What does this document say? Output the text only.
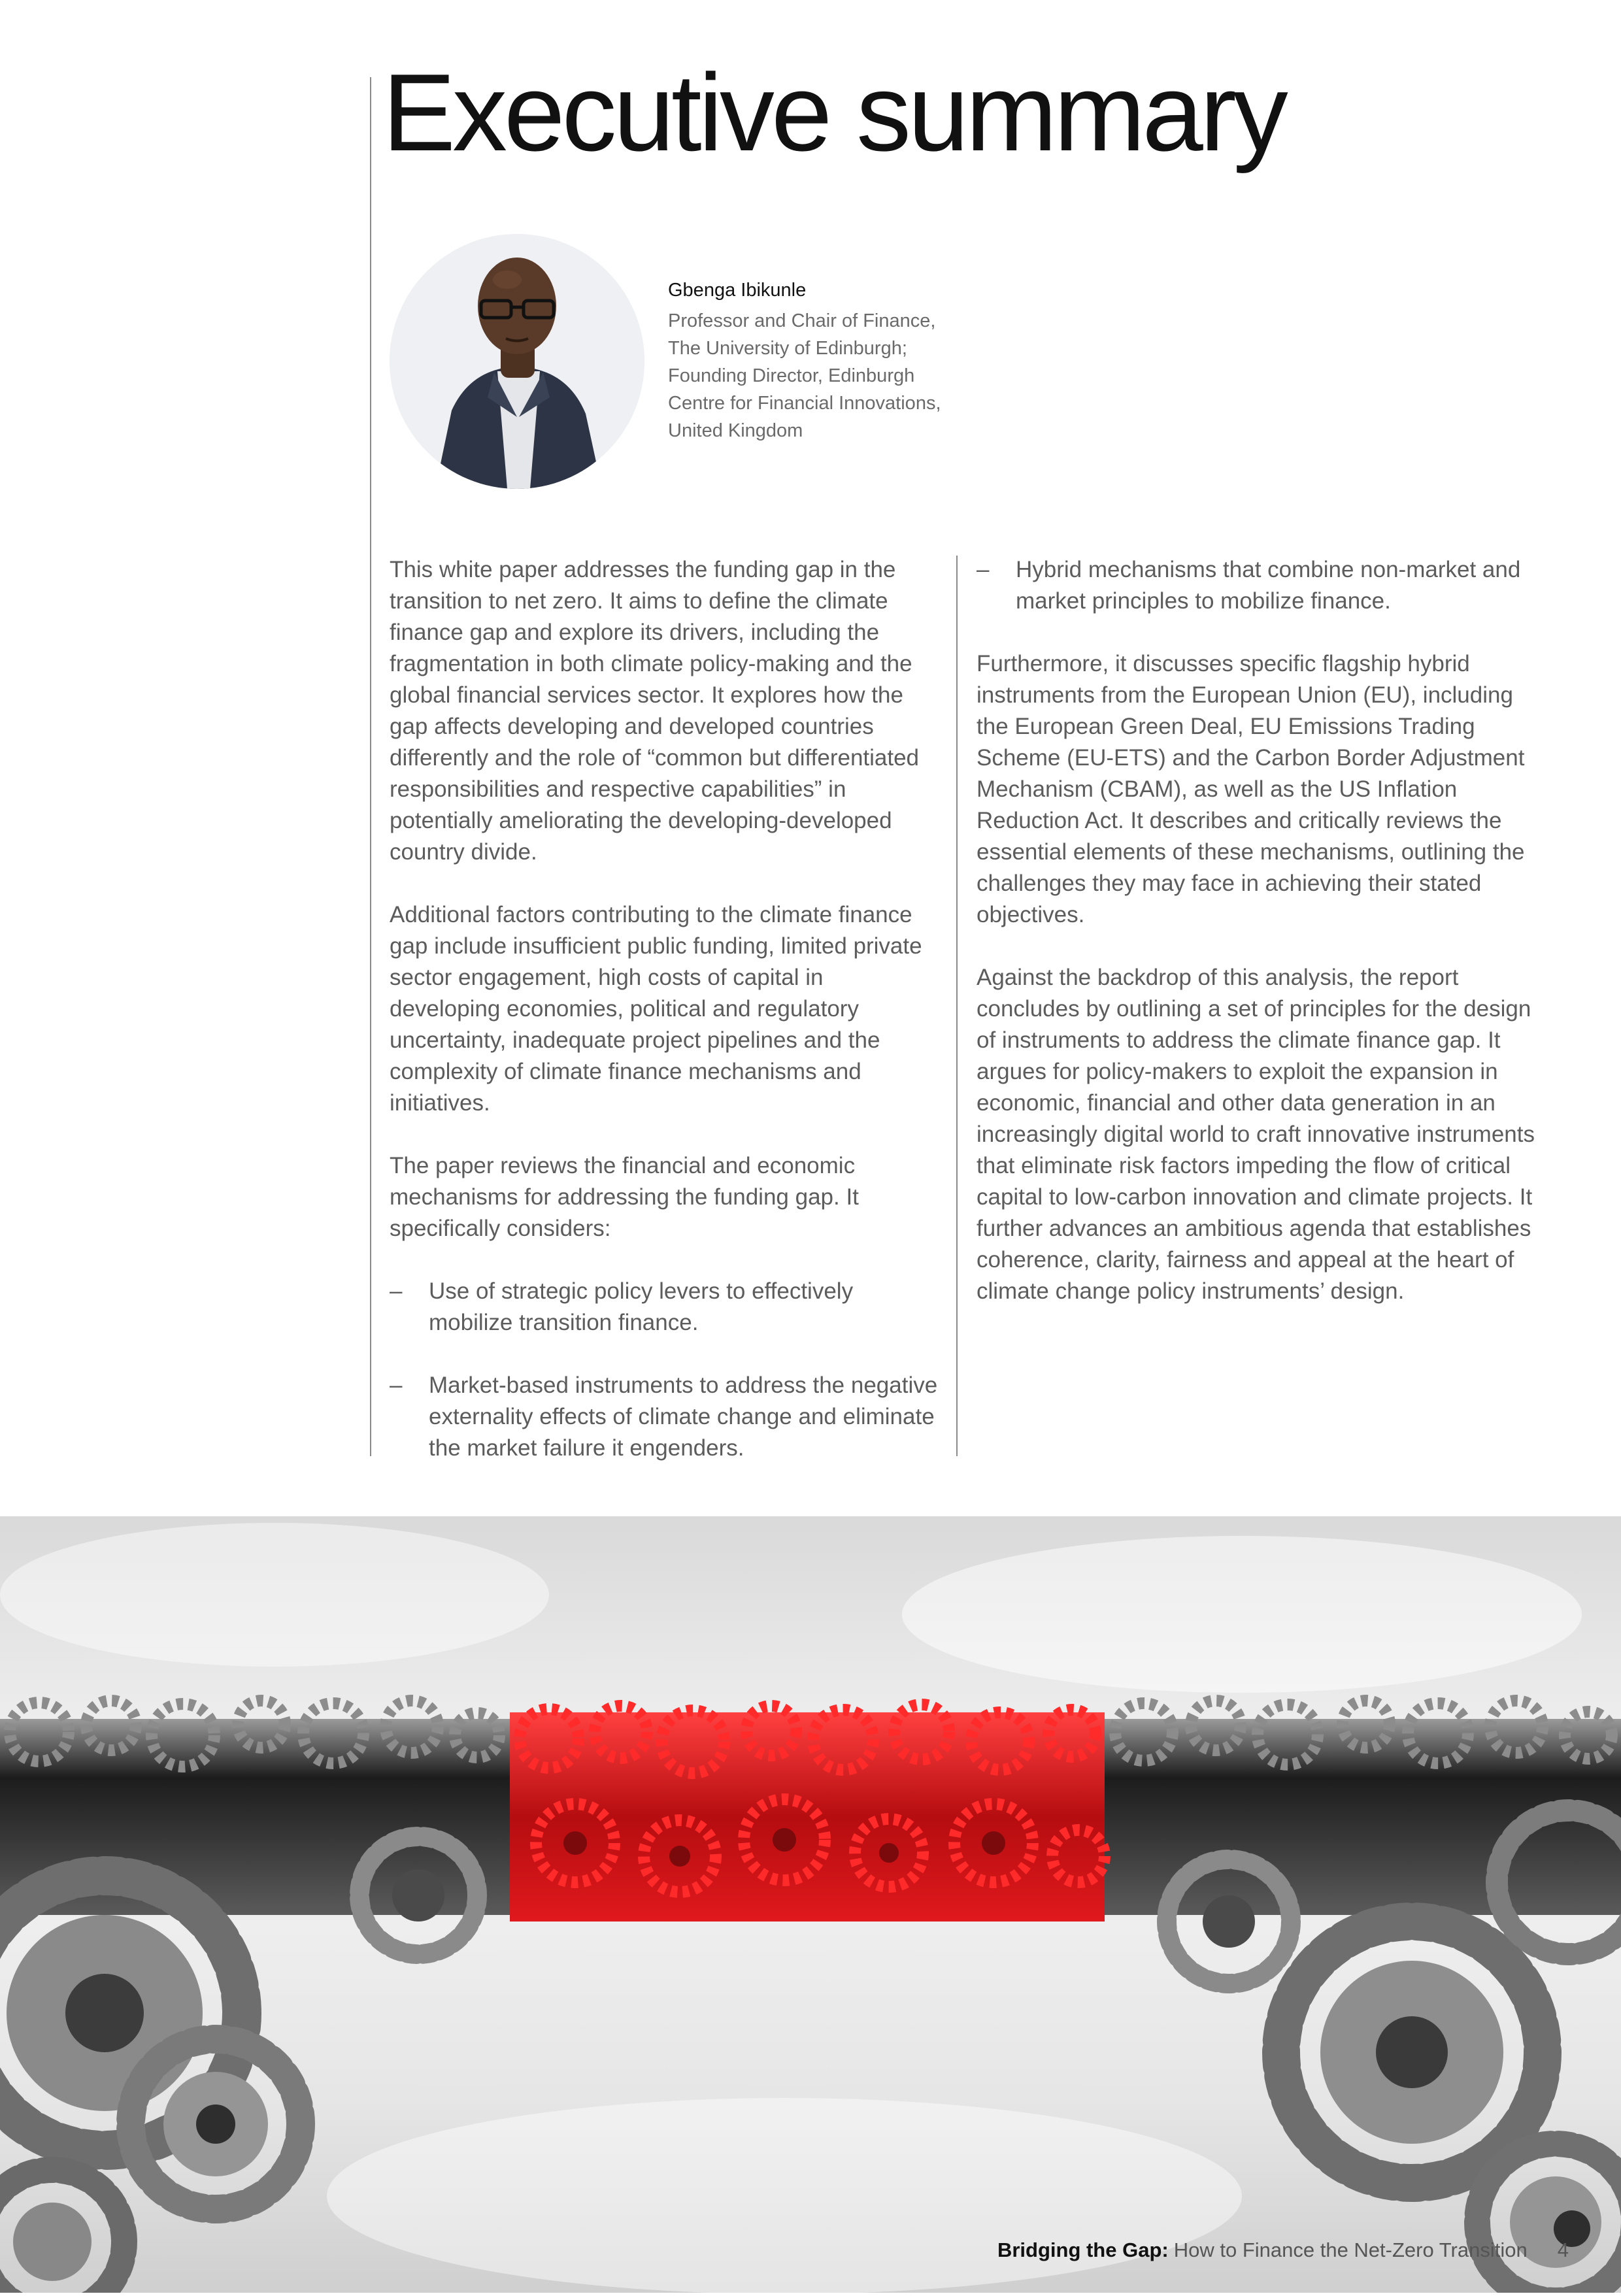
Executive summary
Gbenga Ibikunle
Professor and Chair of Finance, The University of Edinburgh; Founding Director, Edinburgh Centre for Financial Innovations, United Kingdom

This white paper addresses the funding gap in the transition to net zero. It aims to define the climate finance gap and explore its drivers, including the fragmentation in both climate policy-making and the global financial services sector. It explores how the gap affects developing and developed countries differently and the role of “common but differentiated responsibilities and respective capabilities” in potentially ameliorating the developing-developed country divide.

Additional factors contributing to the climate finance gap include insufficient public funding, limited private sector engagement, high costs of capital in developing economies, political and regulatory uncertainty, inadequate project pipelines and the complexity of climate finance mechanisms and initiatives.

The paper reviews the financial and economic mechanisms for addressing the funding gap. It specifically considers:

– Use of strategic policy levers to effectively mobilize transition finance.
– Market-based instruments to address the negative externality effects of climate change and eliminate the market failure it engenders.
– Hybrid mechanisms that combine non-market and market principles to mobilize finance.

Furthermore, it discusses specific flagship hybrid instruments from the European Union (EU), including the European Green Deal, EU Emissions Trading Scheme (EU-ETS) and the Carbon Border Adjustment Mechanism (CBAM), as well as the US Inflation Reduction Act. It describes and critically reviews the essential elements of these mechanisms, outlining the challenges they may face in achieving their stated objectives.

Against the backdrop of this analysis, the report concludes by outlining a set of principles for the design of instruments to address the climate finance gap. It argues for policy-makers to exploit the expansion in economic, financial and other data generation in an increasingly digital world to craft innovative instruments that eliminate risk factors impeding the flow of critical capital to low-carbon innovation and climate projects. It further advances an ambitious agenda that establishes coherence, clarity, fairness and appeal at the heart of climate change policy instruments’ design.

Bridging the Gap: How to Finance the Net-Zero Transition 4
